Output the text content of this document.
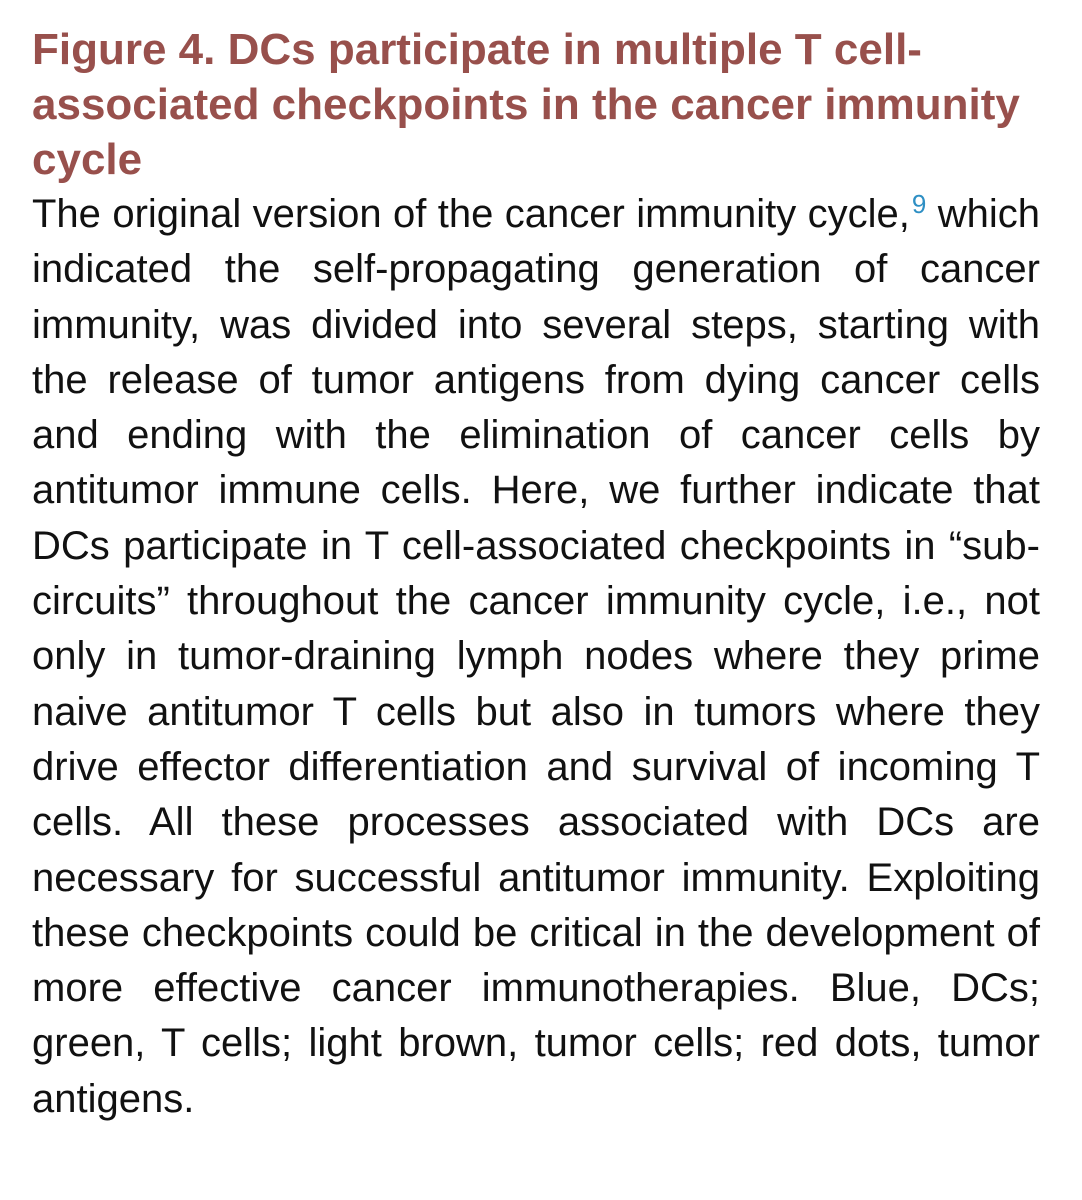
Figure 4. DCs participate in multiple T cell-associated checkpoints in the cancer immunity cycle

The original version of the cancer immunity cycle,$^9$ which indicated the self-propagating generation of cancer immunity, was divided into several steps, starting with the release of tumor antigens from dying cancer cells and ending with the elimination of cancer cells by antitumor immune cells. Here, we further indicate that DCs participate in T cell-associated checkpoints in “sub-circuits” throughout the cancer immunity cycle, i.e., not only in tumor-draining lymph nodes where they prime naive antitumor T cells but also in tumors where they drive effector differentiation and survival of incoming T cells. All these processes associated with DCs are necessary for successful antitumor immunity. Exploiting these checkpoints could be critical in the development of more effective cancer immunotherapies. Blue, DCs; green, T cells; light brown, tumor cells; red dots, tumor antigens.
